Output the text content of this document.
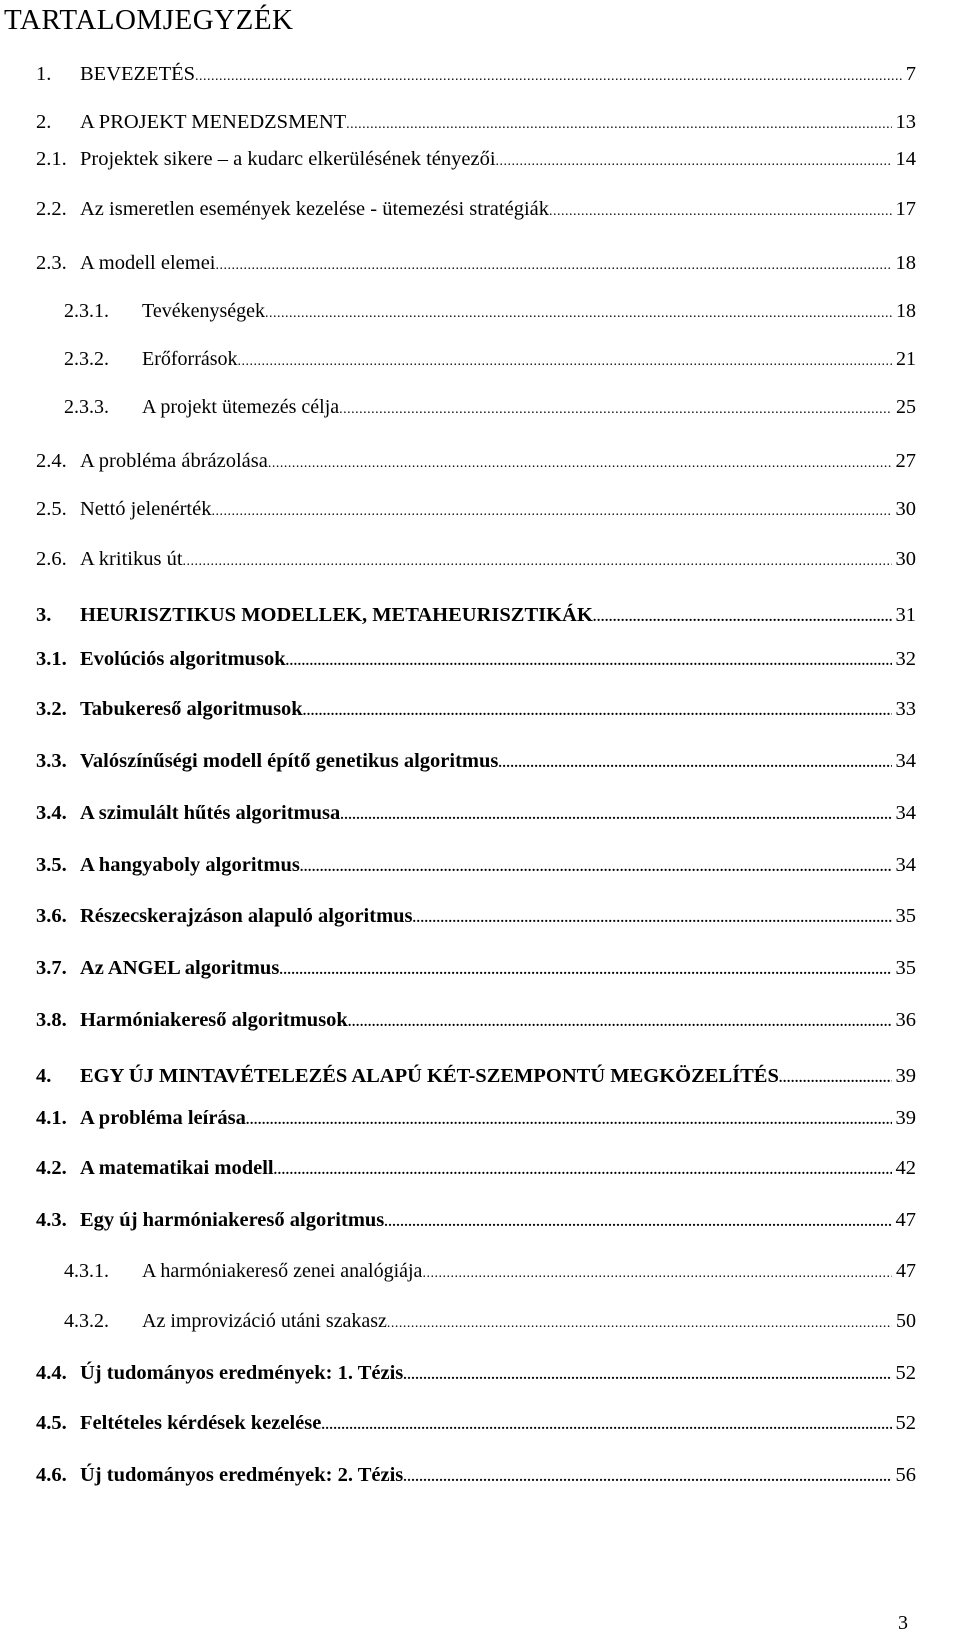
TARTALOMJEGYZÉK
1.	BEVEZETÉS .....	7
2.	A PROJEKT MENEDZSMENT .....	13
2.1. Projektek sikere – a kudarc elkerülésének tényezői .....	14
2.2. Az ismeretlen események kezelése - ütemezési stratégiák .....	17
2.3. A modell elemei .....	18
2.3.1.	Tevékenységek .....	18
2.3.2.	Erőforrások .....	21
2.3.3.	A projekt ütemezés célja .....	25
2.4. A probléma ábrázolása .....	27
2.5. Nettó jelenérték .....	30
2.6. A kritikus út .....	30
3.	HEURISZTIKUS MODELLEK, METAHEURISZTIKÁK .....	31
3.1. Evolúciós algoritmusok .....	32
3.2. Tabukereső algoritmusok .....	33
3.3. Valószínűségi modell építő genetikus algoritmus .....	34
3.4. A szimulált hűtés algoritmusa .....	34
3.5. A hangyaboly algoritmus .....	34
3.6. Részecskerajzáson alapuló algoritmus .....	35
3.7. Az ANGEL algoritmus .....	35
3.8. Harmóniakereső algoritmusok .....	36
4.	EGY ÚJ MINTAVÉTELEZÉS ALAPÚ KÉT-SZEMPONTÚ MEGKÖZELÍTÉS .....	39
4.1. A probléma leírása .....	39
4.2. A matematikai modell .....	42
4.3. Egy új harmóniakereső algoritmus .....	47
4.3.1.	A harmóniakereső zenei analógiája .....	47
4.3.2.	Az improvizáció utáni szakasz .....	50
4.4. Új tudományos eredmények: 1. Tézis .....	52
4.5. Feltételes kérdések kezelése .....	52
4.6. Új tudományos eredmények: 2. Tézis .....	56
3
